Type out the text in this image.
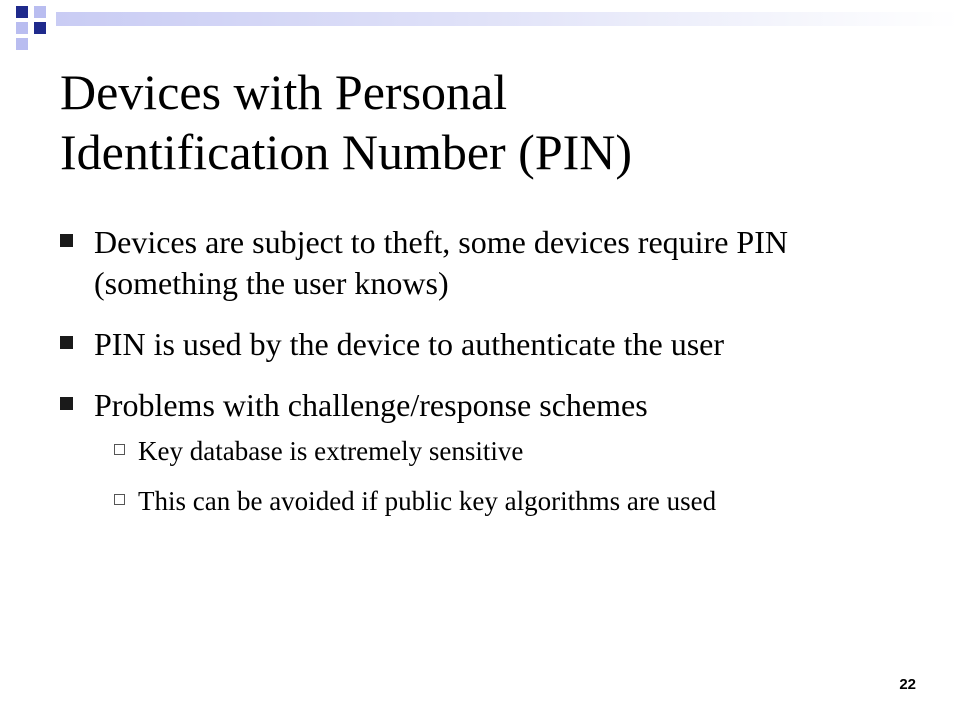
Devices with Personal
Identification Number (PIN)
Devices are subject to theft, some devices require PIN (something the user knows)
PIN is used by the device to authenticate the user
Problems with challenge/response schemes
Key database is extremely sensitive
This can be avoided if public key algorithms are used
22
